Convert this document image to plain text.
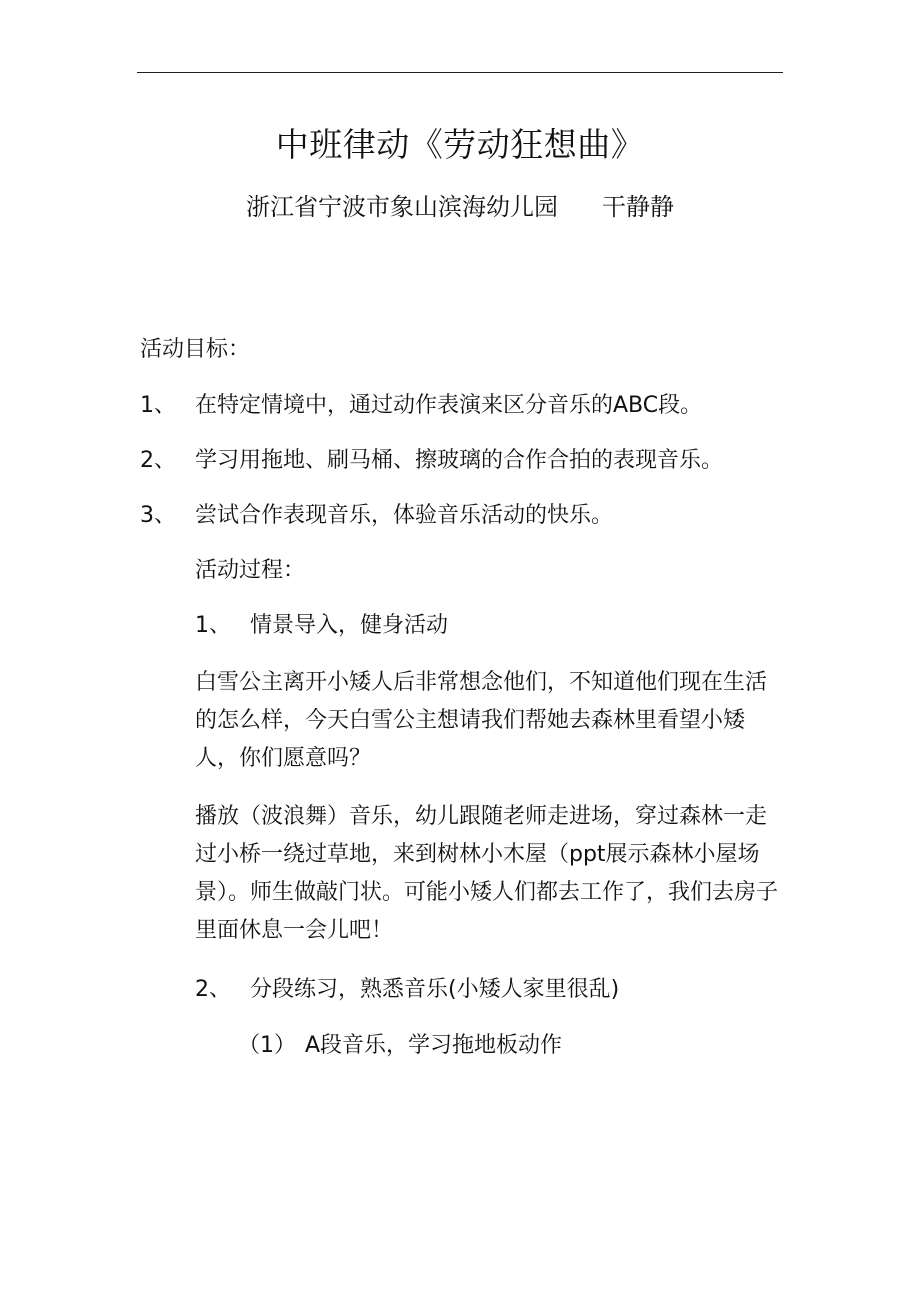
中班律动《劳动狂想曲》
浙江省宁波市象山滨海幼儿园 干静静
活动目标：
1、 在特定情境中，通过动作表演来区分音乐的ABC段。
2、 学习用拖地、刷马桶、擦玻璃的合作合拍的表现音乐。
3、 尝试合作表现音乐，体验音乐活动的快乐。
活动过程：
1、 情景导入，健身活动
白雪公主离开小矮人后非常想念他们，不知道他们现在生活的怎么样，今天白雪公主想请我们帮她去森林里看望小矮人，你们愿意吗？
播放（波浪舞）音乐，幼儿跟随老师走进场，穿过森林一走过小桥一绕过草地，来到树林小木屋（ppt展示森林小屋场景）。师生做敲门状。可能小矮人们都去工作了，我们去房子里面休息一会儿吧！
2、 分段练习，熟悉音乐(小矮人家里很乱)
（1） A段音乐，学习拖地板动作
